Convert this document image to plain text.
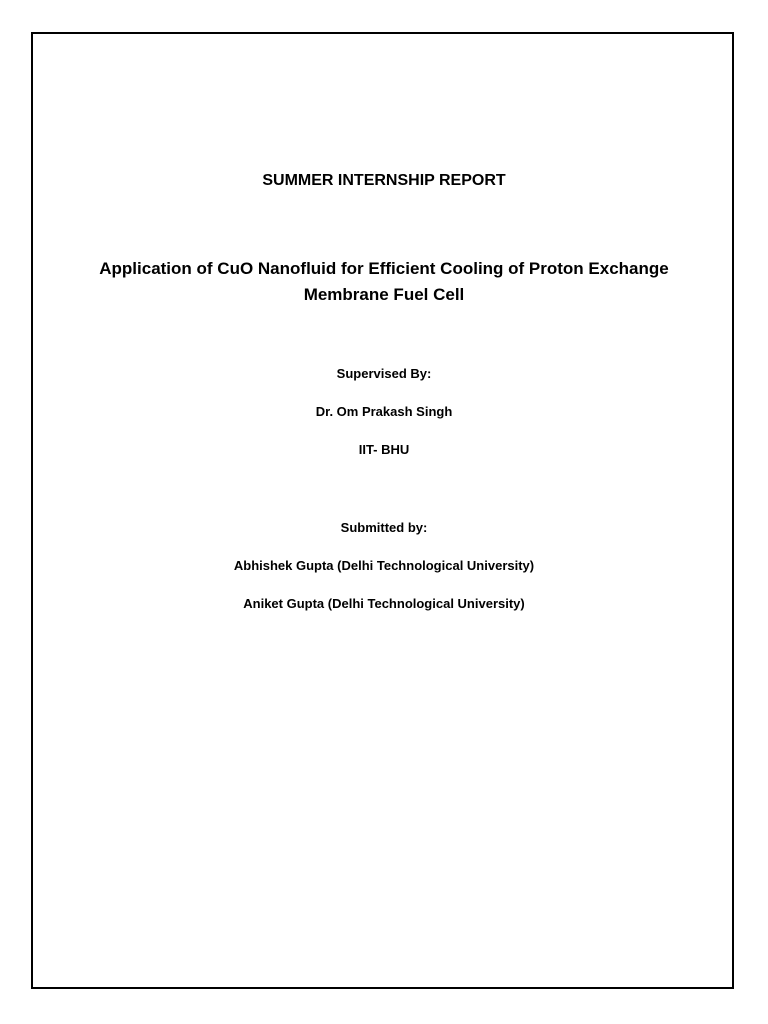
SUMMER INTERNSHIP REPORT
Application of CuO Nanofluid for Efficient Cooling of Proton Exchange
Membrane Fuel Cell
Supervised By:
Dr. Om Prakash Singh
IIT- BHU
Submitted by:
Abhishek Gupta (Delhi Technological University)
Aniket Gupta (Delhi Technological University)
